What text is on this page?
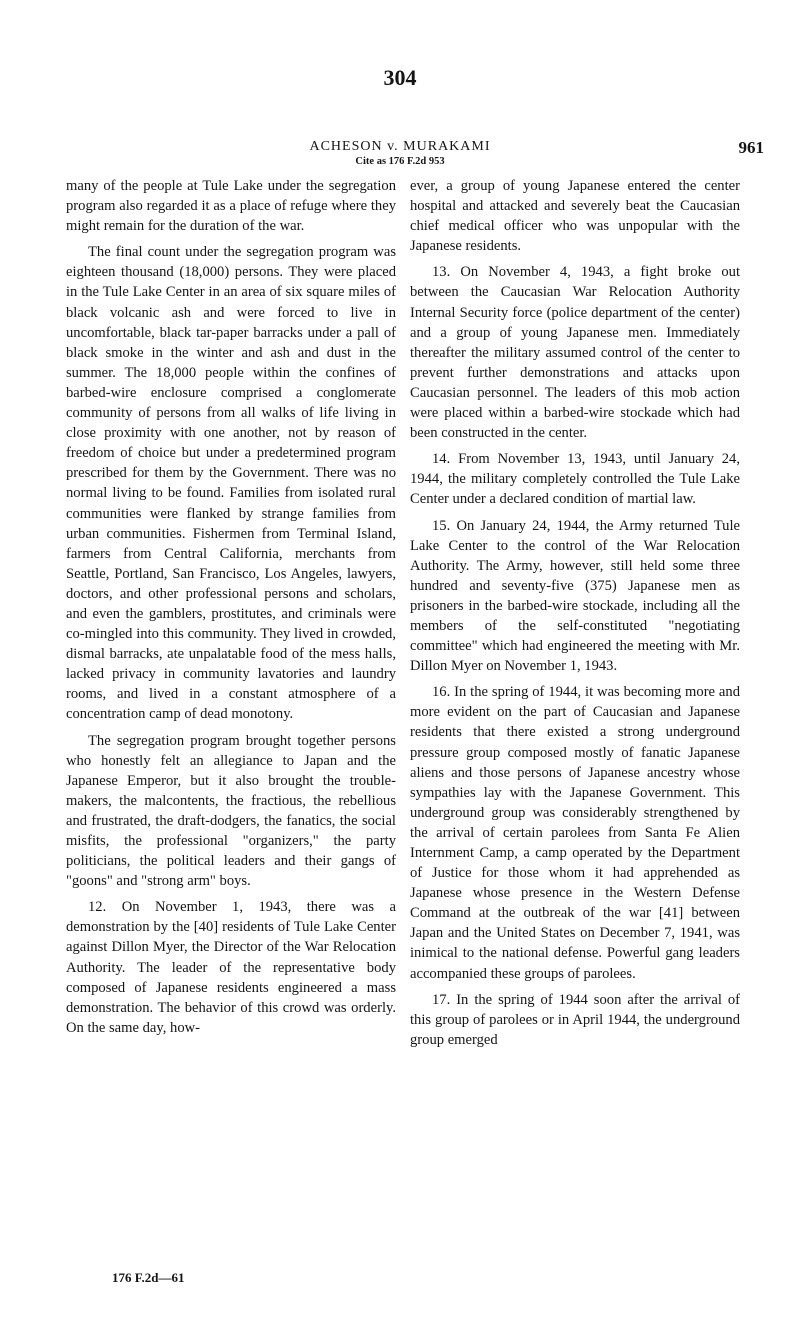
304
ACHESON v. MURAKAMI
Cite as 176 F.2d 953
961

many of the people at Tule Lake under the segregation program also regarded it as a place of refuge where they might remain for the duration of the war.

The final count under the segregation program was eighteen thousand (18,000) persons. They were placed in the Tule Lake Center in an area of six square miles of black volcanic ash and were forced to live in uncomfortable, black tar-paper barracks under a pall of black smoke in the winter and ash and dust in the summer. The 18,000 people within the confines of barbed-wire enclosure comprised a conglomerate community of persons from all walks of life living in close proximity with one another, not by reason of freedom of choice but under a predetermined program prescribed for them by the Government. There was no normal living to be found. Families from isolated rural communities were flanked by strange families from urban communities. Fishermen from Terminal Island, farmers from Central California, merchants from Seattle, Portland, San Francisco, Los Angeles, lawyers, doctors, and other professional persons and scholars, and even the gamblers, prostitutes, and criminals were co-mingled into this community. They lived in crowded, dismal barracks, ate unpalatable food of the mess halls, lacked privacy in community lavatories and laundry rooms, and lived in a constant atmosphere of a concentration camp of dead monotony.

The segregation program brought together persons who honestly felt an allegiance to Japan and the Japanese Emperor, but it also brought the trouble-makers, the malcontents, the fractious, the rebellious and frustrated, the draft-dodgers, the fanatics, the social misfits, the professional "organizers," the party politicians, the political leaders and their gangs of "goons" and "strong arm" boys.

12. On November 1, 1943, there was a demonstration by the [40] residents of Tule Lake Center against Dillon Myer, the Director of the War Relocation Authority. The leader of the representative body composed of Japanese residents engineered a mass demonstration. The behavior of this crowd was orderly. On the same day, how-

ever, a group of young Japanese entered the center hospital and attacked and severely beat the Caucasian chief medical officer who was unpopular with the Japanese residents.

13. On November 4, 1943, a fight broke out between the Caucasian War Relocation Authority Internal Security force (police department of the center) and a group of young Japanese men. Immediately thereafter the military assumed control of the center to prevent further demonstrations and attacks upon Caucasian personnel. The leaders of this mob action were placed within a barbed-wire stockade which had been constructed in the center.

14. From November 13, 1943, until January 24, 1944, the military completely controlled the Tule Lake Center under a declared condition of martial law.

15. On January 24, 1944, the Army returned Tule Lake Center to the control of the War Relocation Authority. The Army, however, still held some three hundred and seventy-five (375) Japanese men as prisoners in the barbed-wire stockade, including all the members of the self-constituted "negotiating committee" which had engineered the meeting with Mr. Dillon Myer on November 1, 1943.

16. In the spring of 1944, it was becoming more and more evident on the part of Caucasian and Japanese residents that there existed a strong underground pressure group composed mostly of fanatic Japanese aliens and those persons of Japanese ancestry whose sympathies lay with the Japanese Government. This underground group was considerably strengthened by the arrival of certain parolees from Santa Fe Alien Internment Camp, a camp operated by the Department of Justice for those whom it had apprehended as Japanese whose presence in the Western Defense Command at the outbreak of the war [41] between Japan and the United States on December 7, 1941, was inimical to the national defense. Powerful gang leaders accompanied these groups of parolees.

17. In the spring of 1944 soon after the arrival of this group of parolees or in April 1944, the underground group emerged

176 F.2d—61
